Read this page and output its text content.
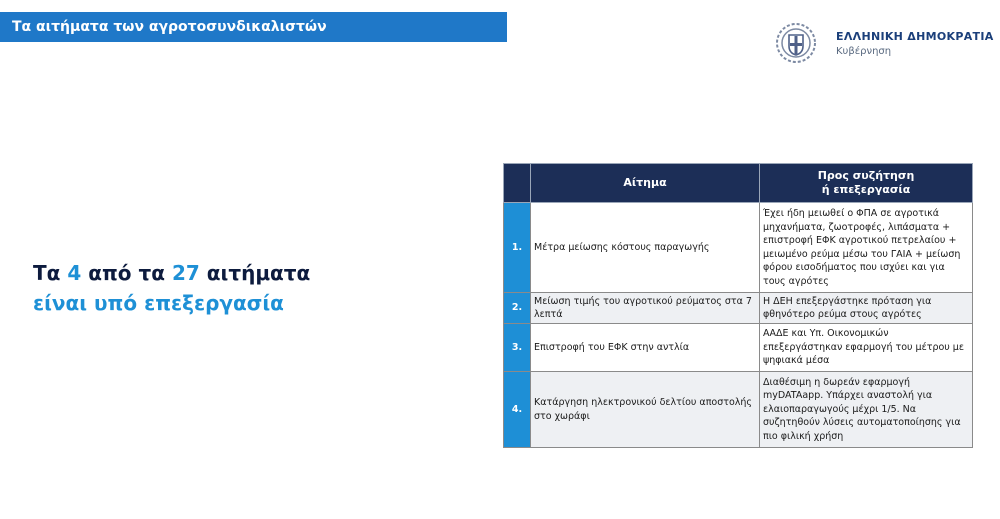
Τα αιτήματα των αγροτοσυνδικαλιστών
ΕΛΛΗΝΙΚΗ ΔΗΜΟΚΡΑΤΙΑ
Κυβέρνηση
Τα 4 από τα 27 αιτήματα
είναι υπό επεξεργασία
	Αίτημα	Προς συζήτηση
ή επεξεργασία
1.	Μέτρα μείωσης κόστους παραγωγής	Έχει ήδη μειωθεί ο ΦΠΑ σε αγροτικά μηχανήματα, ζωοτροφές, λιπάσματα + επιστροφή ΕΦΚ αγροτικού πετρελαίου + μειωμένο ρεύμα μέσω του ΓΑΙΑ + μείωση φόρου εισοδήματος που ισχύει και για τους αγρότες
2.	Μείωση τιμής του αγροτικού ρεύματος στα 7 λεπτά	Η ΔΕΗ επεξεργάστηκε πρόταση για φθηνότερο ρεύμα στους αγρότες
3.	Επιστροφή του ΕΦΚ στην αντλία	ΑΑΔΕ και Υπ. Οικονομικών επεξεργάστηκαν εφαρμογή του μέτρου με ψηφιακά μέσα
4.	Κατάργηση ηλεκτρονικού δελτίου αποστολής στο χωράφι	Διαθέσιμη η δωρεάν εφαρμογή myDATAapp. Υπάρχει αναστολή για ελαιοπαραγωγούς μέχρι 1/5. Να συζητηθούν λύσεις αυτοματοποίησης για πιο φιλική χρήση
